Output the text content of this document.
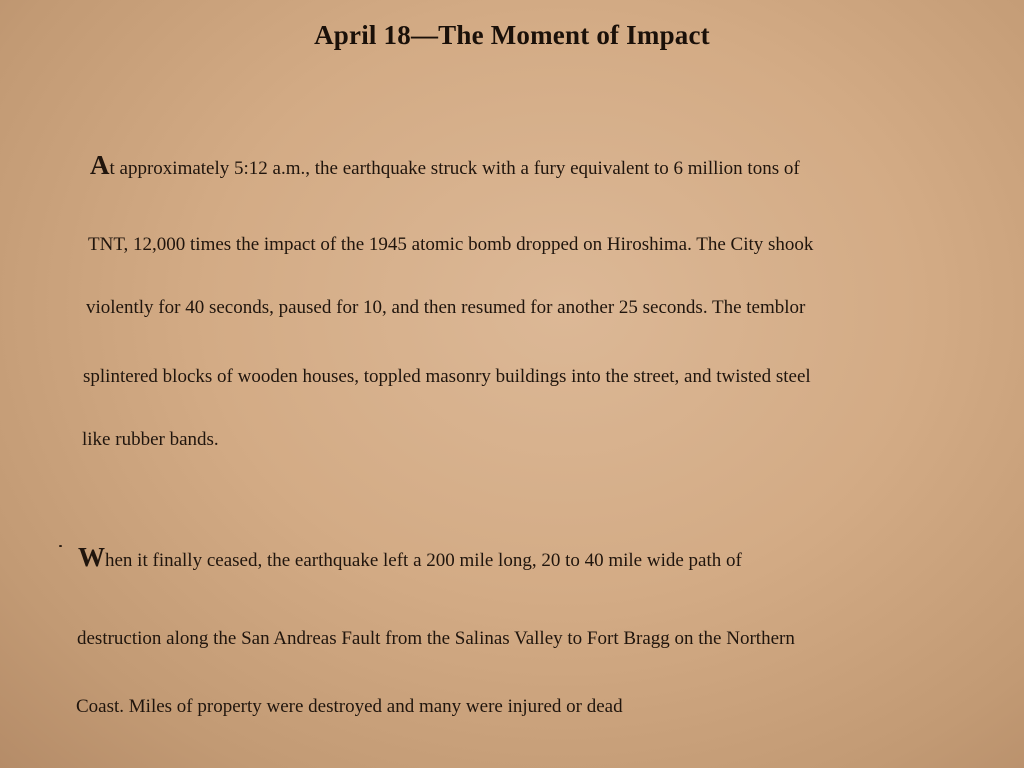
April 18—The Moment of Impact
At approximately 5:12 a.m., the earthquake struck with a fury equivalent to 6 million tons of
TNT, 12,000 times the impact of the 1945 atomic bomb dropped on Hiroshima. The City shook
violently for 40 seconds, paused for 10, and then resumed for another 25 seconds. The temblor
splintered blocks of wooden houses, toppled masonry buildings into the street, and twisted steel
like rubber bands.
When it finally ceased, the earthquake left a 200 mile long, 20 to 40 mile wide path of
destruction along the San Andreas Fault from the Salinas Valley to Fort Bragg on the Northern
Coast. Miles of property were destroyed and many were injured or dead
